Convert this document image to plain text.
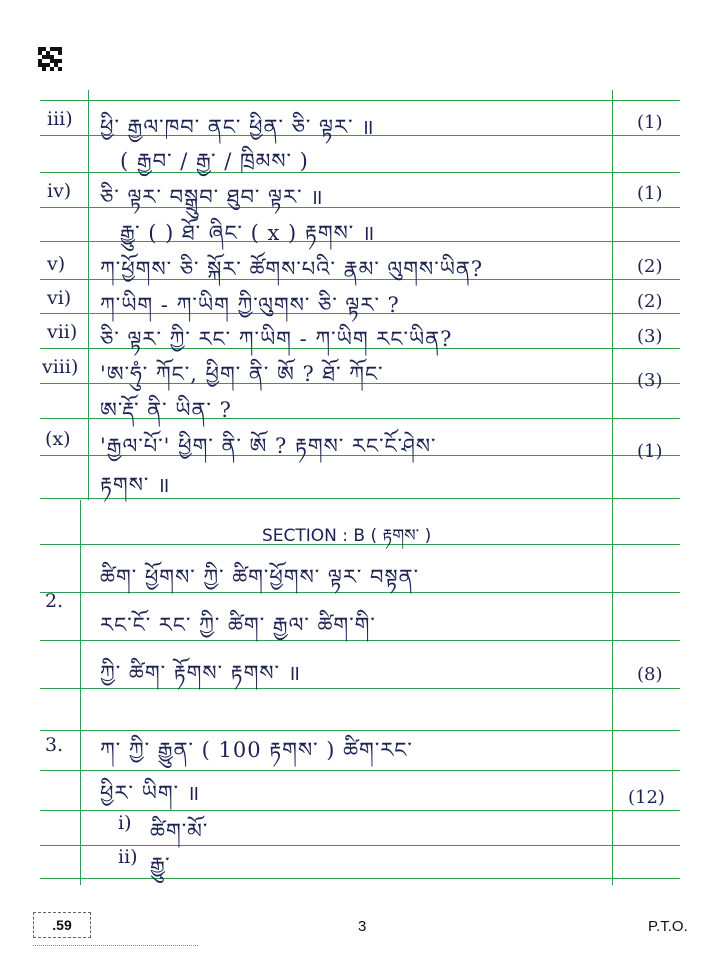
iii) ཕྱི་ རྒྱལ་ཁབ་ ནང་ ཕྱིན་ ཅི་ ལྟར་ ॥	(1)
( རྒྱབ་ / རྒྱ་ / ཁྲིམས་ )
iv) ཅི་ ལྟར་ བསྒྲུབ་ ཐུབ་ ལྟར་ ॥	(1)
རྒྱུ་ ( ) ཐོ་ ཞིང་ ( x ) རྟགས་ ॥
v) ཀ་ཕྱོགས་ ཅི་ སྐོར་ ཚོགས་པའི་ རྣམ་ ལུགས་ཡིན?	(2)
vi) ཀ་ཡིག - ཀ་ཡིག ཀྱི་ལུགས་ ཅི་ ལྟར་ ?	(2)
vii) ཅི་ ལྟར་ ཀྱི་ རང་ ཀ་ཡིག - ཀ་ཡིག རང་ཡིན?	(3)
viii) 'ཨ་ཧུཾ་ ཀོང་, ཕྱིག་ ནི་ ཨོ ? ཐོ་ ཀོང་	(3)
ཨ་རྡོ་ ནི་ ཡིན་ ?
(x) 'རྒྱལ་པོ་' ཕྱིག་ ནི་ ཨོ ? རྟགས་ རང་ངོ་ཤེས་	(1)
རྟགས་ ॥
SECTION : B ( རྟགས་ )
2.
ཚིག་ ཕྱོགས་ ཀྱི་ ཚིག་ཕྱོགས་ ལྟར་ བསྟན་
རང་ངོ་ རང་ ཀྱི་ ཚིག་ རྒྱལ་ ཚིག་གི་
ཀྱི་ ཚིག་ རྟོགས་ རྟགས་ ॥	(8)
3. ཀ་ ཀྱི་ རྒྱུན་ ( 100 རྟགས་ ) ཚིག་རང་
ཕྱིར་ ཡིག་ ॥	(12)
i) ཚིག་མོ་
ii) རྒྱུ་
.59	3	P.T.O.
